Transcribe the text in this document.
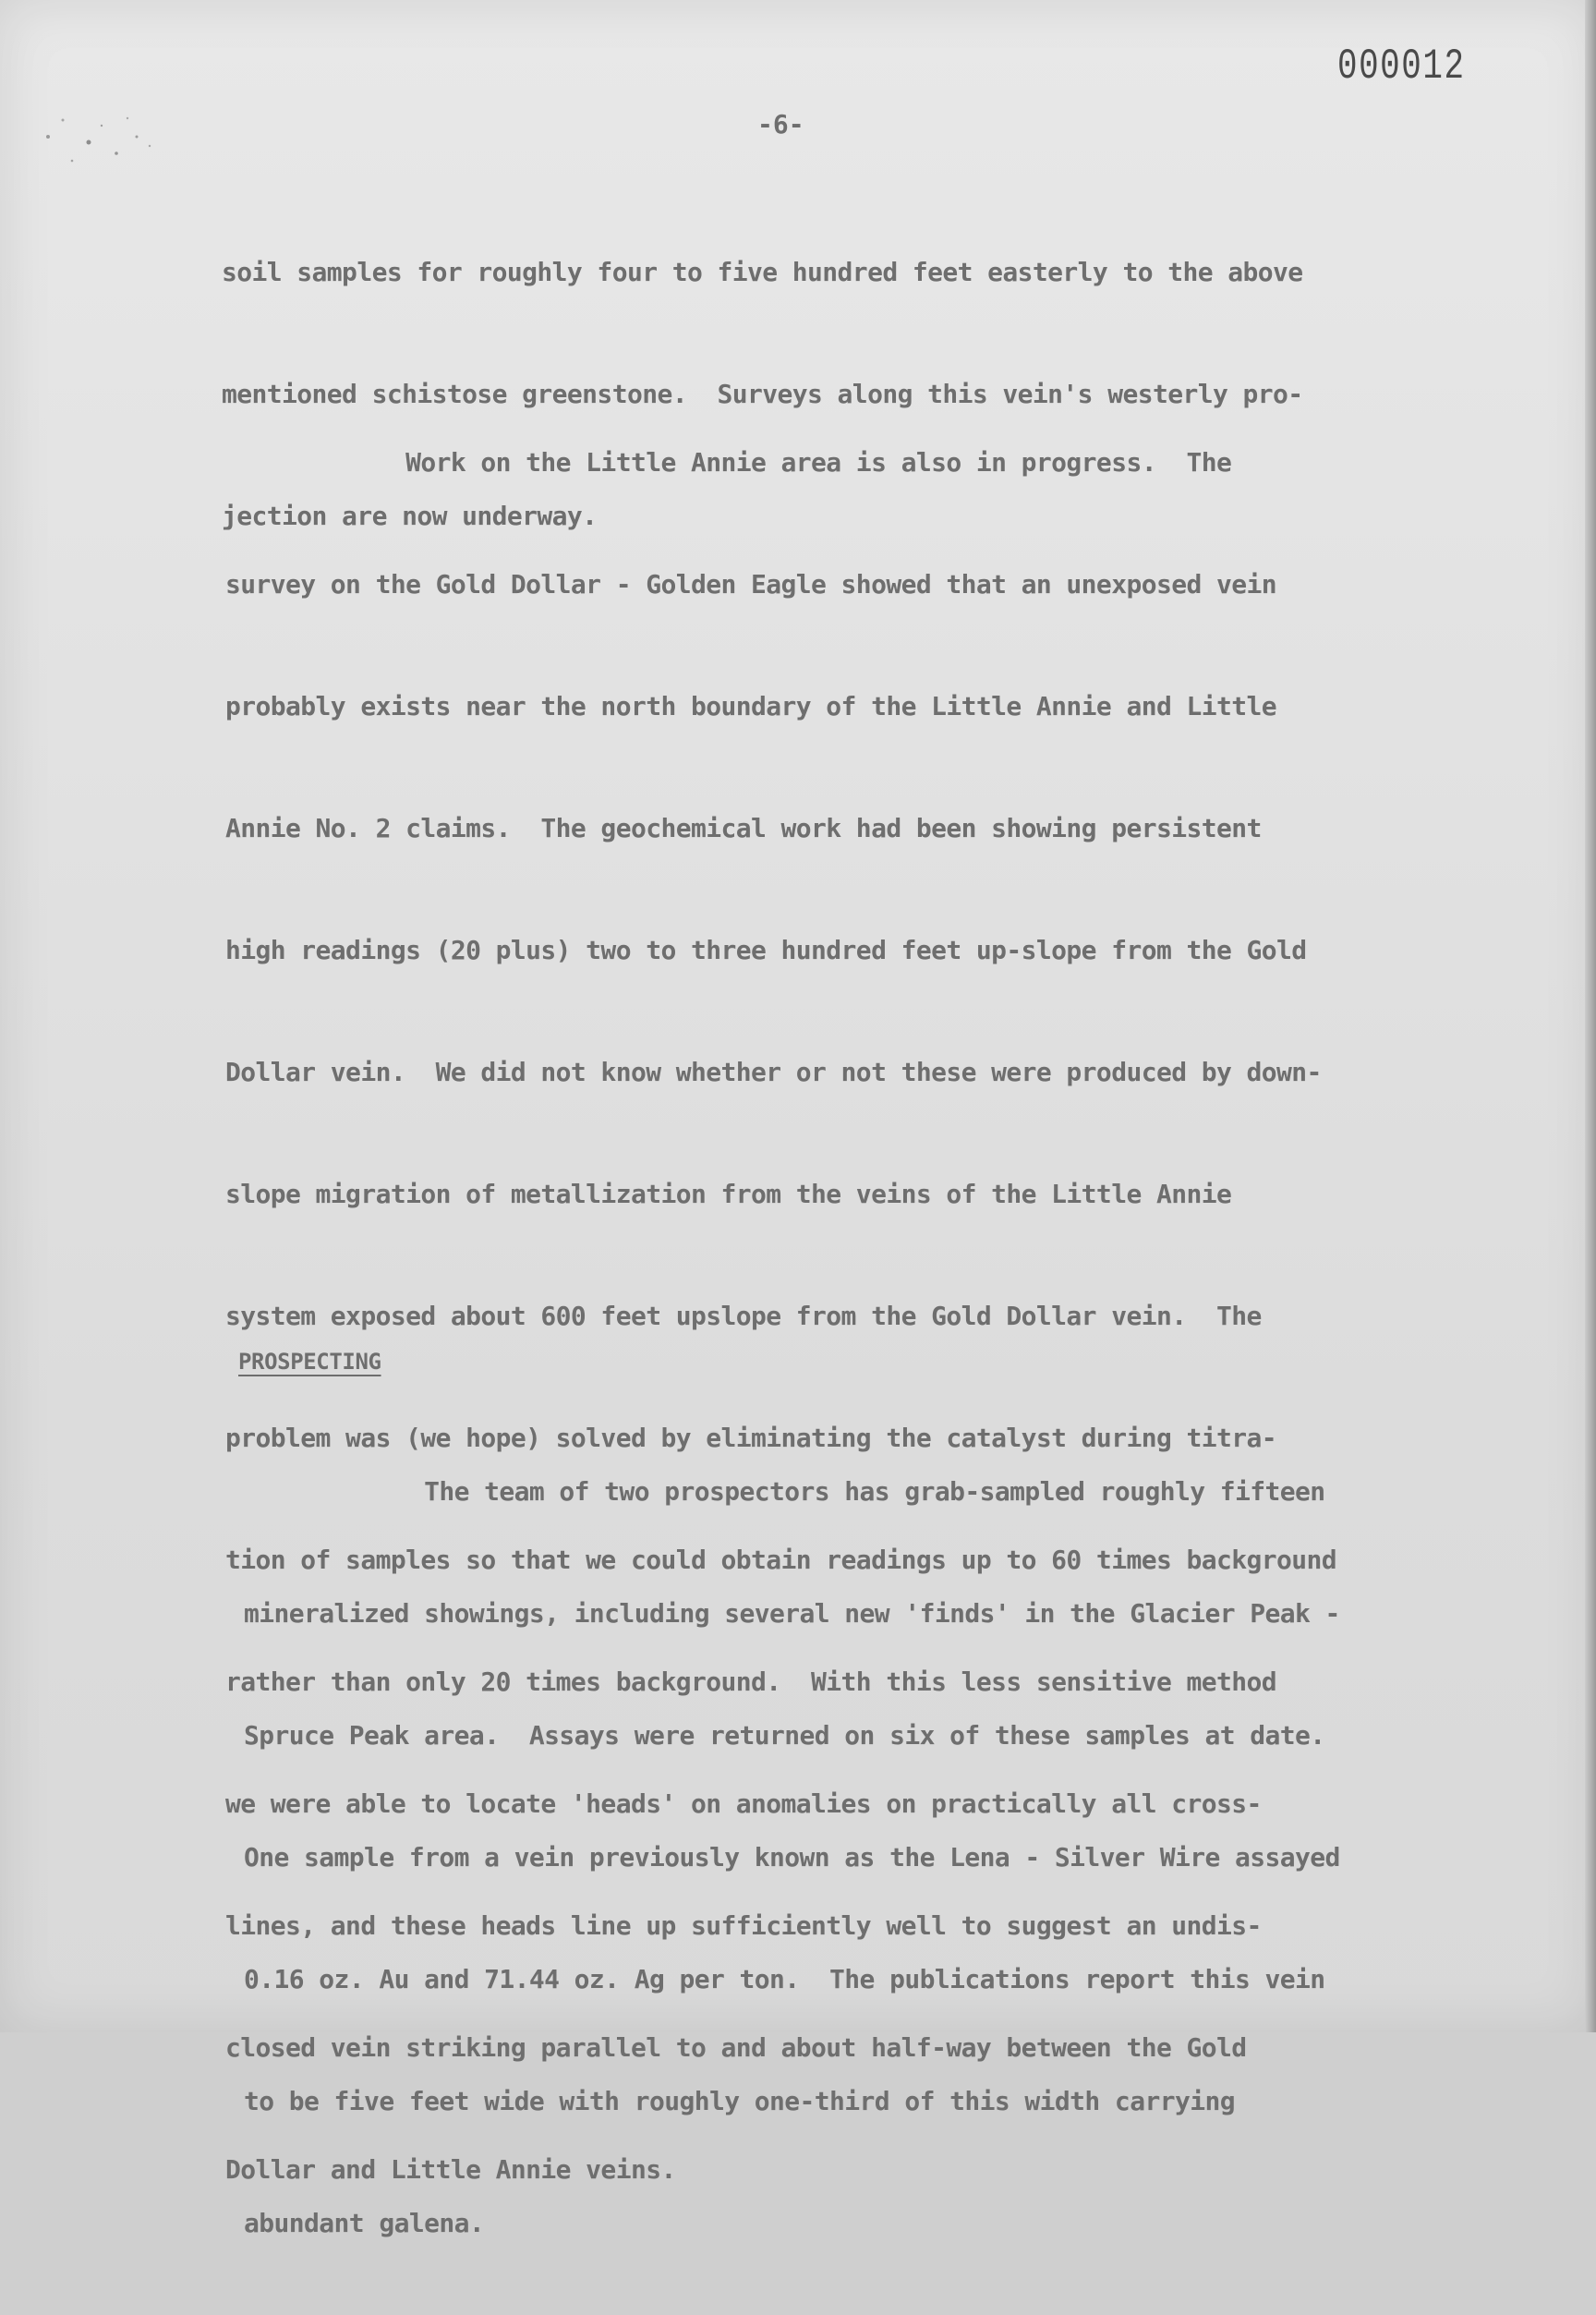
000012
-6-

soil samples for roughly four to five hundred feet easterly to the above

mentioned schistose greenstone.  Surveys along this vein's westerly pro-

jection are now underway.

Work on the Little Annie area is also in progress.  The

survey on the Gold Dollar - Golden Eagle showed that an unexposed vein

probably exists near the north boundary of the Little Annie and Little

Annie No. 2 claims.  The geochemical work had been showing persistent

high readings (20 plus) two to three hundred feet up-slope from the Gold

Dollar vein.  We did not know whether or not these were produced by down-

slope migration of metallization from the veins of the Little Annie

system exposed about 600 feet upslope from the Gold Dollar vein.  The

problem was (we hope) solved by eliminating the catalyst during titra-

tion of samples so that we could obtain readings up to 60 times background

rather than only 20 times background.  With this less sensitive method

we were able to locate 'heads' on anomalies on practically all cross-

lines, and these heads line up sufficiently well to suggest an undis-

closed vein striking parallel to and about half-way between the Gold

Dollar and Little Annie veins.

PROSPECTING

The team of two prospectors has grab-sampled roughly fifteen

mineralized showings, including several new 'finds' in the Glacier Peak -

Spruce Peak area.  Assays were returned on six of these samples at date.

One sample from a vein previously known as the Lena - Silver Wire assayed

0.16 oz. Au and 71.44 oz. Ag per ton.  The publications report this vein

to be five feet wide with roughly one-third of this width carrying

abundant galena.
